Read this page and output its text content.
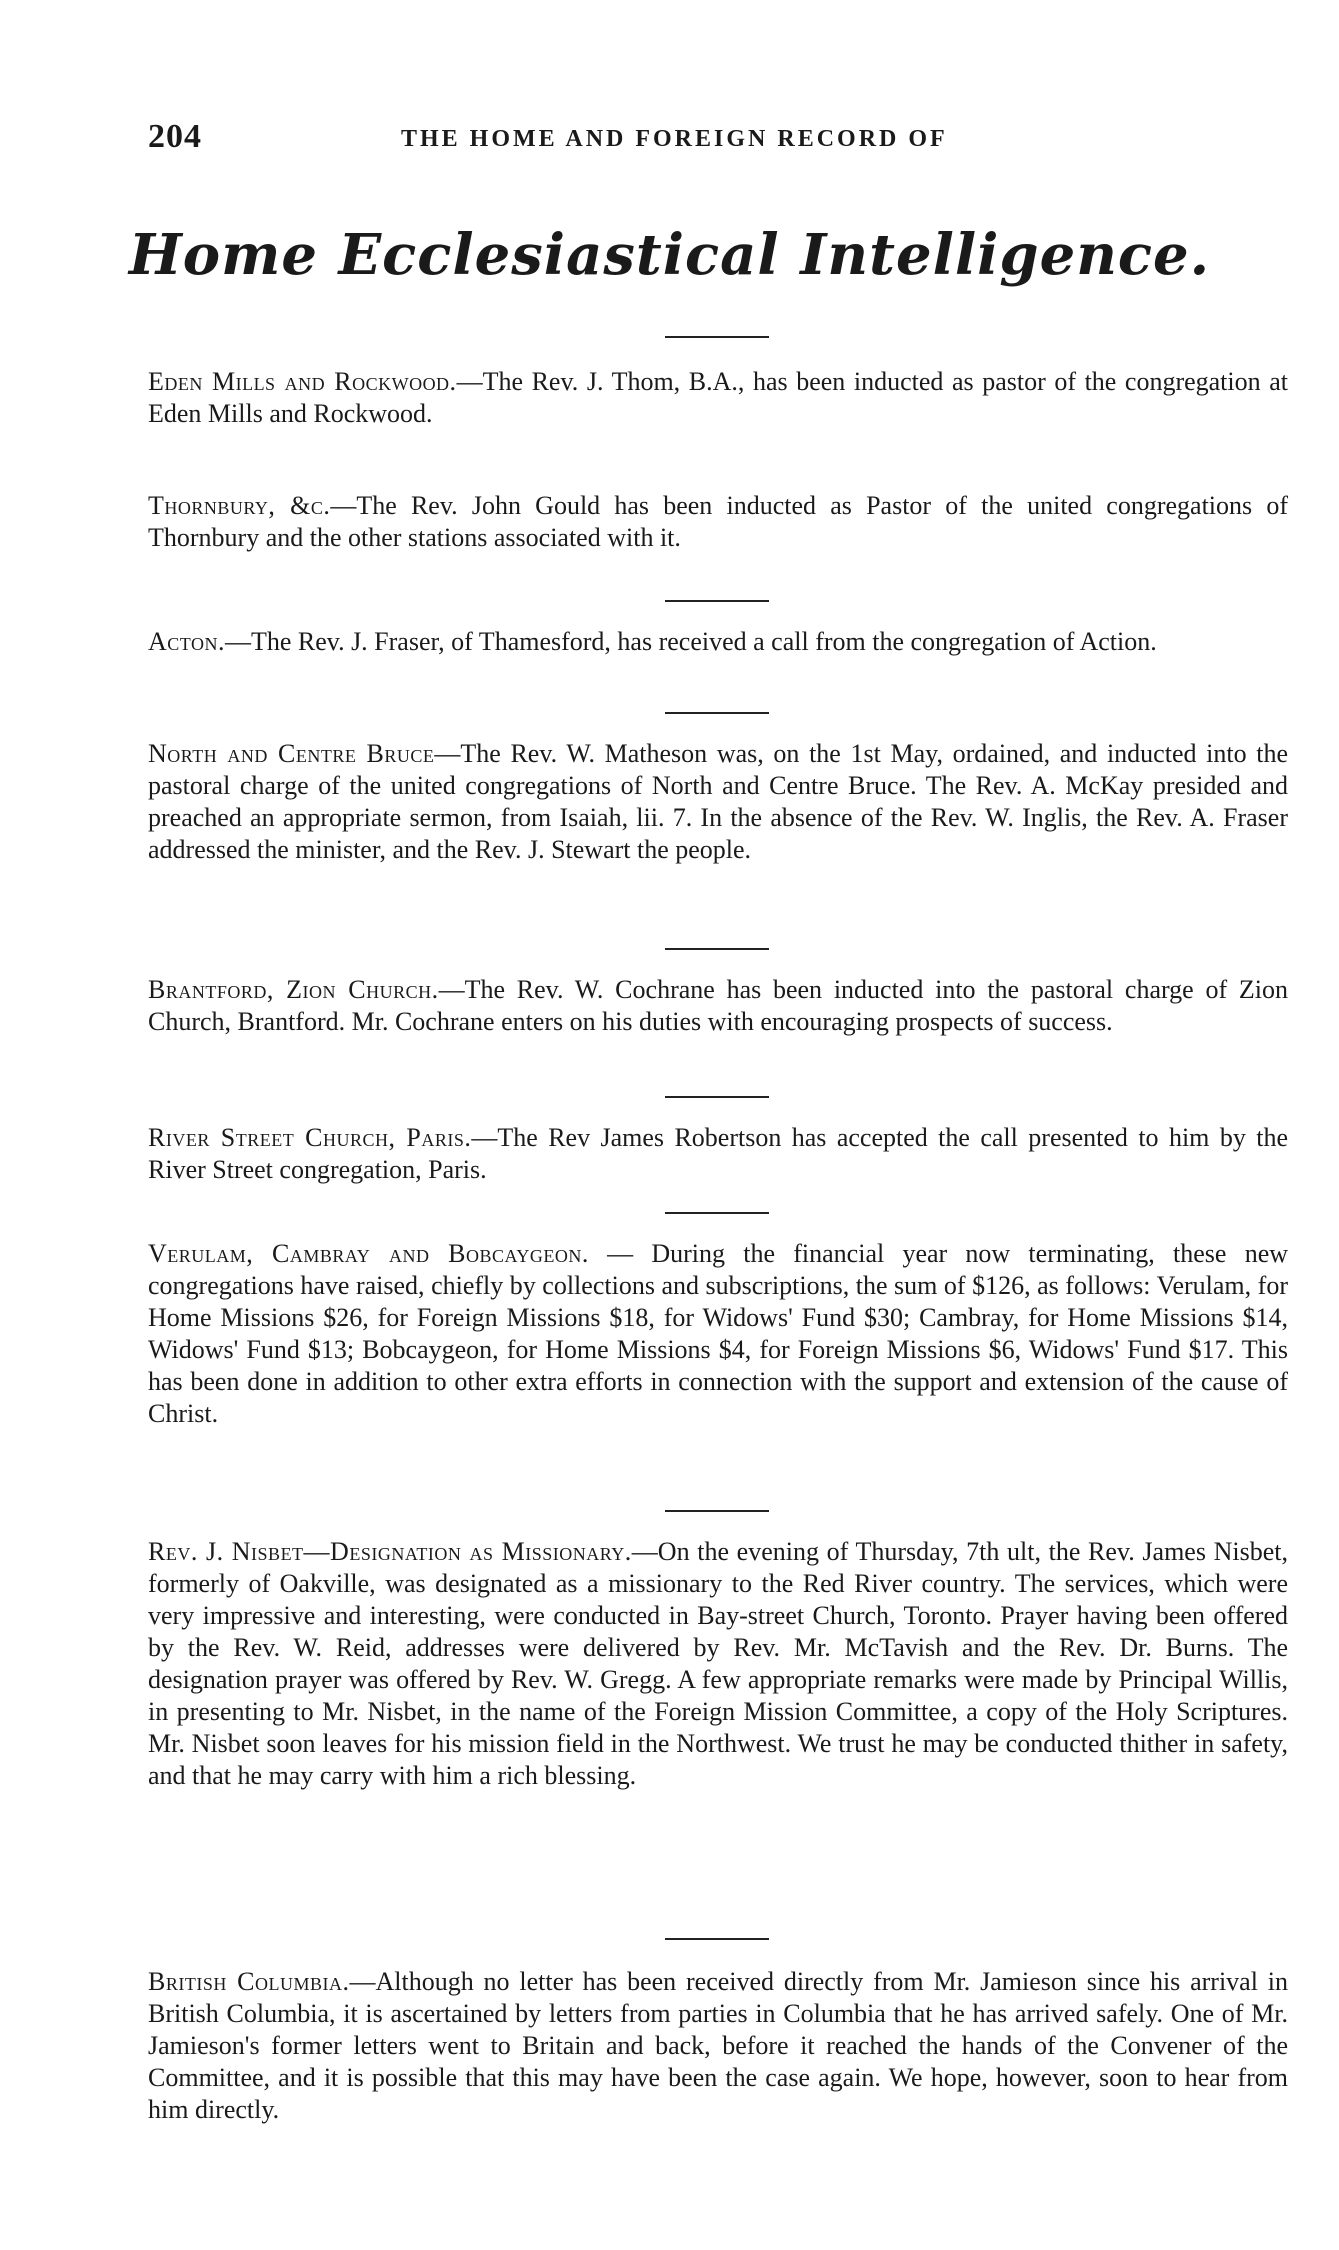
204	THE HOME AND FOREIGN RECORD OF
Home Ecclesiastical Intelligence.

Eden Mills and Rockwood.—The Rev. J. Thom, B.A., has been inducted as pastor of the congregation at Eden Mills and Rockwood.

Thornbury, &c.—The Rev. John Gould has been inducted as Pastor of the united congregations of Thornbury and the other stations associated with it.

Acton.—The Rev. J. Fraser, of Thamesford, has received a call from the congregation of Action.

North and Centre Bruce—The Rev. W. Matheson was, on the 1st May, ordained, and inducted into the pastoral charge of the united congregations of North and Centre Bruce. The Rev. A. McKay presided and preached an appropriate sermon, from Isaiah, lii. 7. In the absence of the Rev. W. Inglis, the Rev. A. Fraser addressed the minister, and the Rev. J. Stewart the people.

Brantford, Zion Church.—The Rev. W. Cochrane has been inducted into the pastoral charge of Zion Church, Brantford. Mr. Cochrane enters on his duties with encouraging prospects of success.

River Street Church, Paris.—The Rev James Robertson has accepted the call presented to him by the River Street congregation, Paris.

Verulam, Cambray and Bobcaygeon. — During the financial year now terminating, these new congregations have raised, chiefly by collections and subscriptions, the sum of $126, as follows: Verulam, for Home Missions $26, for Foreign Missions $18, for Widows' Fund $30; Cambray, for Home Missions $14, Widows' Fund $13; Bobcaygeon, for Home Missions $4, for Foreign Missions $6, Widows' Fund $17. This has been done in addition to other extra efforts in connection with the support and extension of the cause of Christ.

Rev. J. Nisbet—Designation as Missionary.—On the evening of Thursday, 7th ult, the Rev. James Nisbet, formerly of Oakville, was designated as a missionary to the Red River country. The services, which were very impressive and interesting, were conducted in Bay-street Church, Toronto. Prayer having been offered by the Rev. W. Reid, addresses were delivered by Rev. Mr. McTavish and the Rev. Dr. Burns. The designation prayer was offered by Rev. W. Gregg. A few appropriate remarks were made by Principal Willis, in presenting to Mr. Nisbet, in the name of the Foreign Mission Committee, a copy of the Holy Scriptures. Mr. Nisbet soon leaves for his mission field in the Northwest. We trust he may be conducted thither in safety, and that he may carry with him a rich blessing.

British Columbia.—Although no letter has been received directly from Mr. Jamieson since his arrival in British Columbia, it is ascertained by letters from parties in Columbia that he has arrived safely. One of Mr. Jamieson's former letters went to Britain and back, before it reached the hands of the Convener of the Committee, and it is possible that this may have been the case again. We hope, however, soon to hear from him directly.
